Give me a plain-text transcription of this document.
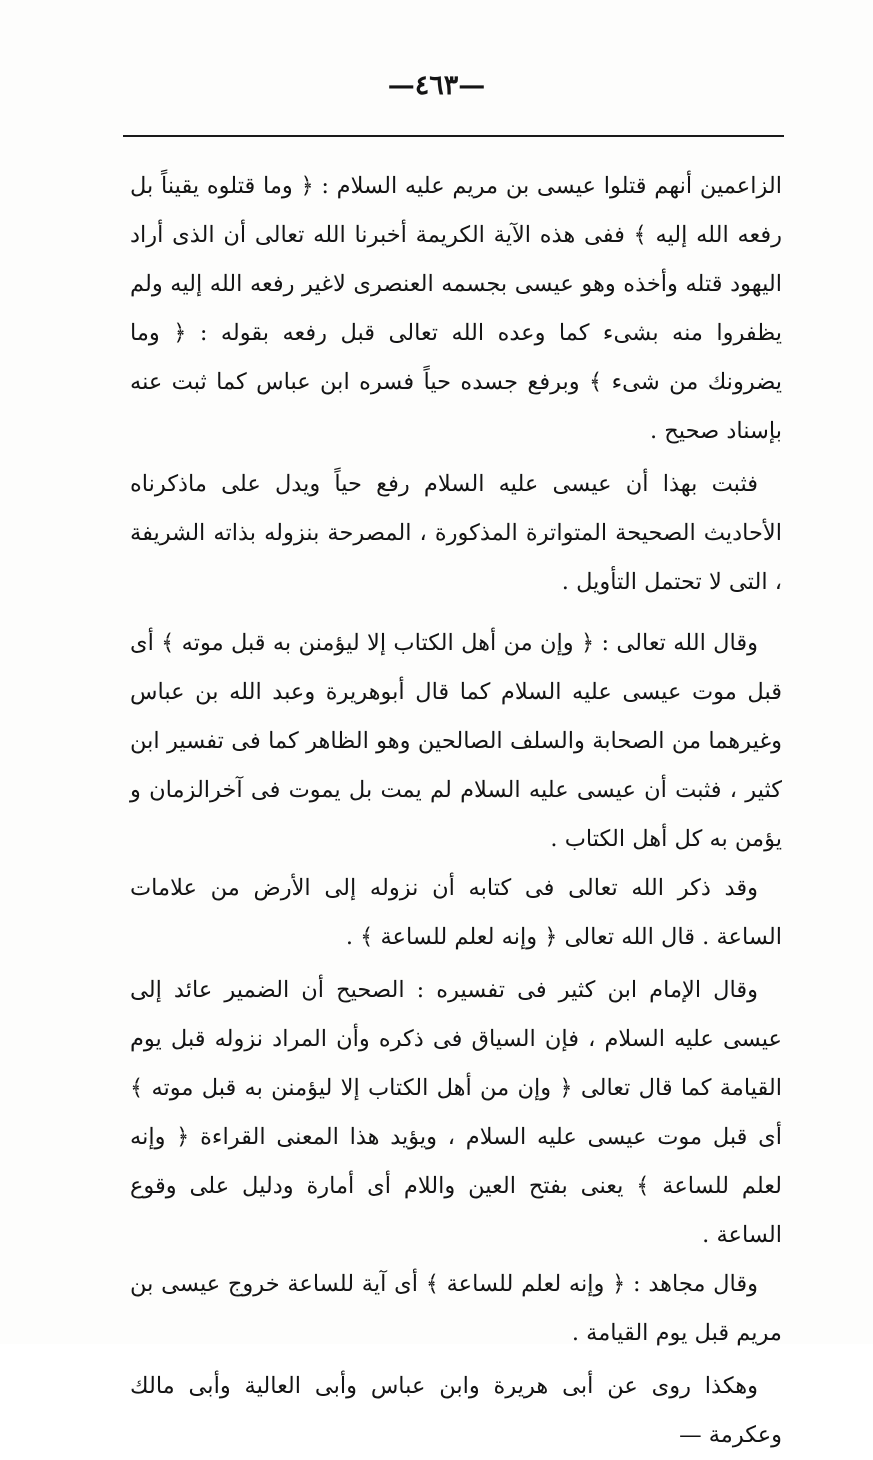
—٤٦٣—

الزاعمين أنهم قتلوا عيسى بن مريم عليه السلام : ﴿ وما قتلوه يقيناً بل رفعه الله إليه ﴾ ففى هذه الآية الكريمة أخبرنا الله تعالى أن الذى أراد اليهود قتله وأخذه وهو عيسى بجسمه العنصرى لاغير رفعه الله إليه ولم يظفروا منه بشىء كما وعده الله تعالى قبل رفعه بقوله : ﴿ وما يضرونك من شىء ﴾ وبرفع جسده حياً فسره ابن عباس كما ثبت عنه بإسناد صحيح .

فثبت بهذا أن عيسى عليه السلام رفع حياً ويدل على ماذكرناه الأحاديث الصحيحة المتواترة المذكورة ، المصرحة بنزوله بذاته الشريفة ، التى لا تحتمل التأويل .

وقال الله تعالى : ﴿ وإن من أهل الكتاب إلا ليؤمنن به قبل موته ﴾ أى قبل موت عيسى عليه السلام كما قال أبوهريرة وعبد الله بن عباس وغيرهما من الصحابة والسلف الصالحين وهو الظاهر كما فى تفسير ابن كثير ، فثبت أن عيسى عليه السلام لم يمت بل يموت فى آخرالزمان و يؤمن به كل أهل الكتاب .

وقد ذكر الله تعالى فى كتابه أن نزوله إلى الأرض من علامات الساعة . قال الله تعالى ﴿ وإنه لعلم للساعة ﴾ .

وقال الإمام ابن كثير فى تفسيره : الصحيح أن الضمير عائد إلى عيسى عليه السلام ، فإن السياق فى ذكره وأن المراد نزوله قبل يوم القيامة كما قال تعالى ﴿ وإن من أهل الكتاب إلا ليؤمنن به قبل موته ﴾ أى قبل موت عيسى عليه السلام ، ويؤيد هذا المعنى القراءة ﴿ وإنه لعلم للساعة ﴾ يعنى بفتح العين واللام أى أمارة ودليل على وقوع الساعة .

وقال مجاهد : ﴿ وإنه لعلم للساعة ﴾ أى آية للساعة خروج عيسى بن مريم قبل يوم القيامة .

وهكذا روى عن أبى هريرة وابن عباس وأبى العالية وأبى مالك وعكرمة —
